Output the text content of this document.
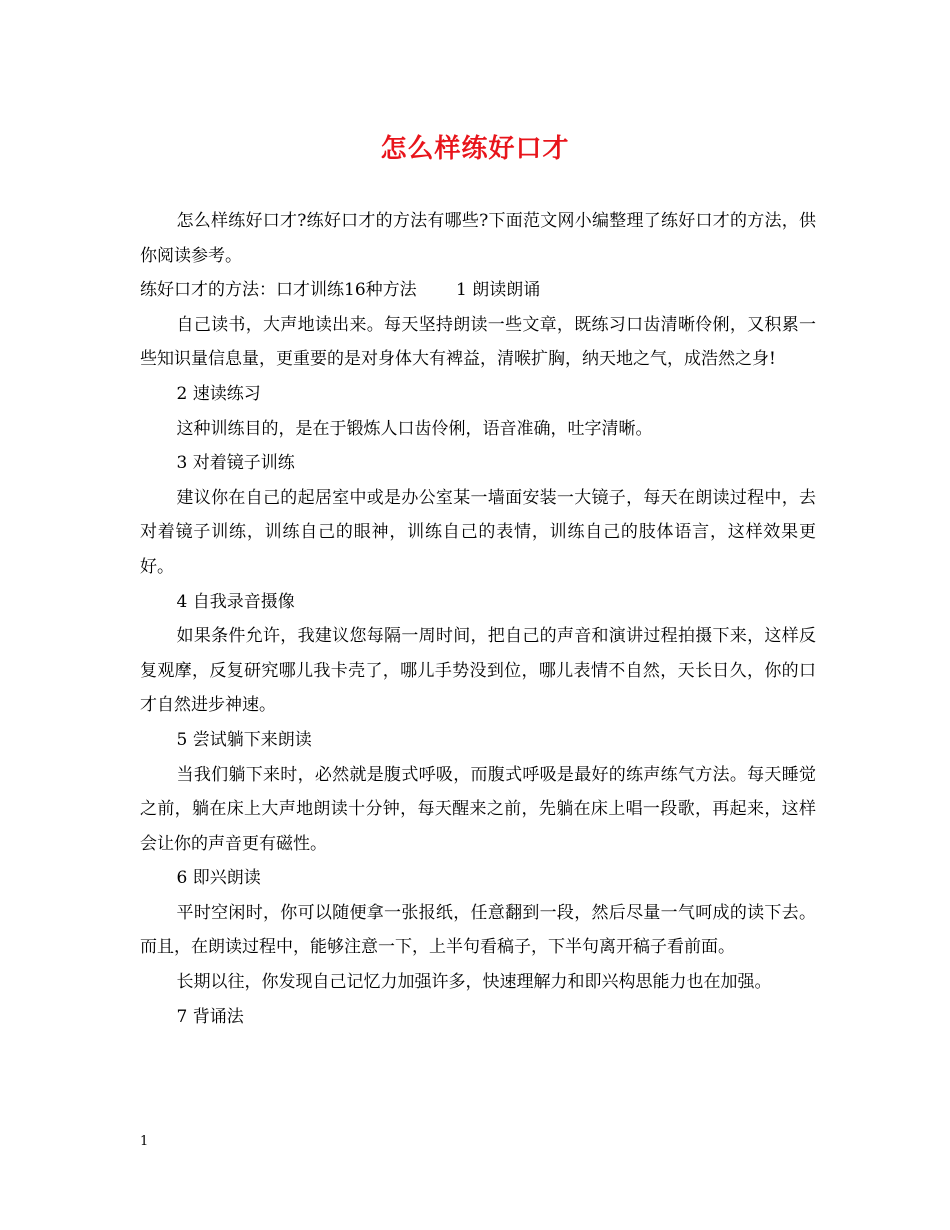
怎么样练好口才

怎么样练好口才?练好口才的方法有哪些?下面范文网小编整理了练好口才的方法，供你阅读参考。

练好口才的方法：口才训练16种方法　　 1 朗读朗诵

自己读书，大声地读出来。每天坚持朗读一些文章，既练习口齿清晰伶俐，又积累一些知识量信息量，更重要的是对身体大有裨益，清喉扩胸，纳天地之气，成浩然之身!

2 速读练习

这种训练目的，是在于锻炼人口齿伶俐，语音准确，吐字清晰。

3 对着镜子训练

建议你在自己的起居室中或是办公室某一墙面安装一大镜子，每天在朗读过程中，去对着镜子训练，训练自己的眼神，训练自己的表情，训练自己的肢体语言，这样效果更好。

4 自我录音摄像

如果条件允许，我建议您每隔一周时间，把自己的声音和演讲过程拍摄下来，这样反复观摩，反复研究哪儿我卡壳了，哪儿手势没到位，哪儿表情不自然，天长日久，你的口才自然进步神速。

5 尝试躺下来朗读

当我们躺下来时，必然就是腹式呼吸，而腹式呼吸是最好的练声练气方法。每天睡觉之前，躺在床上大声地朗读十分钟，每天醒来之前，先躺在床上唱一段歌，再起来，这样会让你的声音更有磁性。

6 即兴朗读

平时空闲时，你可以随便拿一张报纸，任意翻到一段，然后尽量一气呵成的读下去。而且，在朗读过程中，能够注意一下，上半句看稿子，下半句离开稿子看前面。

长期以往，你发现自己记忆力加强许多，快速理解力和即兴构思能力也在加强。

7 背诵法

1
